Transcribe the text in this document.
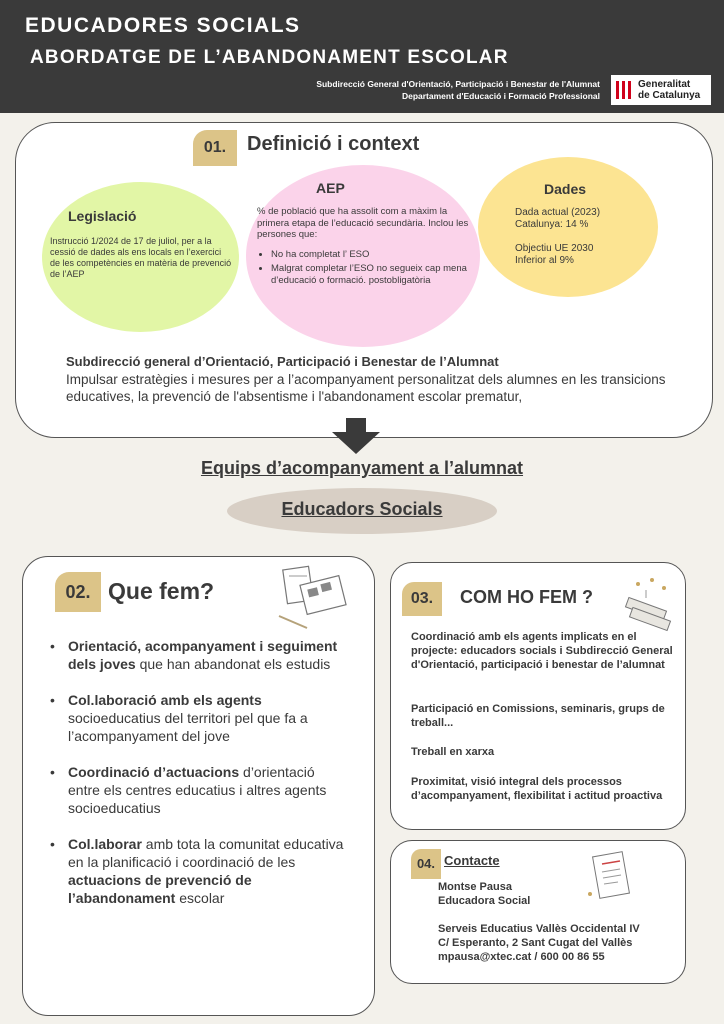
EDUCADORES SOCIALS
ABORDATGE DE L’ABANDONAMENT ESCOLAR
Subdirecció General d'Orientació, Participació i Benestar de l'Alumnat
Departament d'Educació i Formació Professional
Generalitat
de Catalunya
01.	Definició i context
Legislació
Instrucció 1/2024 de 17 de juliol, per a la cessió de dades als ens locals en l’exercici de les competències en matèria de prevenció de l’AEP
AEP
% de població que ha assolit com a màxim la primera etapa de l’educació secundària. Inclou les persones que:
• No ha completat l’ ESO
• Malgrat completar l’ESO no segueix cap mena d’educació o formació. postobligatòria
Dades
Dada actual (2023)
Catalunya: 14 %
Objectiu UE 2030
Inferior al 9%
Subdirecció general d’Orientació, Participació i Benestar de l’Alumnat
Impulsar estratègies i mesures per a l’acompanyament personalitzat dels alumnes en les transicions educatives, la prevenció de l'absentisme i l'abandonament escolar prematur,
Equips d’acompanyament a l’alumnat
Educadors Socials
02. Que fem?
• Orientació, acompanyament i seguiment dels joves que han abandonat els estudis
• Col.laboració amb els agents socioeducatius del territori pel que fa a l’acompanyament del jove
• Coordinació d’actuacions d’orientació entre els centres educatius i altres agents socioeducatius
• Col.laborar amb tota la comunitat educativa en la planificació i coordinació de les actuacions de prevenció de l’abandonament escolar
03.	COM HO FEM ?
Coordinació amb els agents implicats en el projecte: educadors socials i Subdirecció General d'Orientació, participació i benestar de l’alumnat
Participació en Comissions, seminaris, grups de treball...
Treball en xarxa
Proximitat, visió integral dels processos d’acompanyament, flexibilitat i actitud proactiva
04. Contacte
Montse Pausa
Educadora Social
Serveis Educatius Vallès Occidental IV
C/ Esperanto, 2 Sant Cugat del Vallès
mpausa@xtec.cat / 600 00 86 55
